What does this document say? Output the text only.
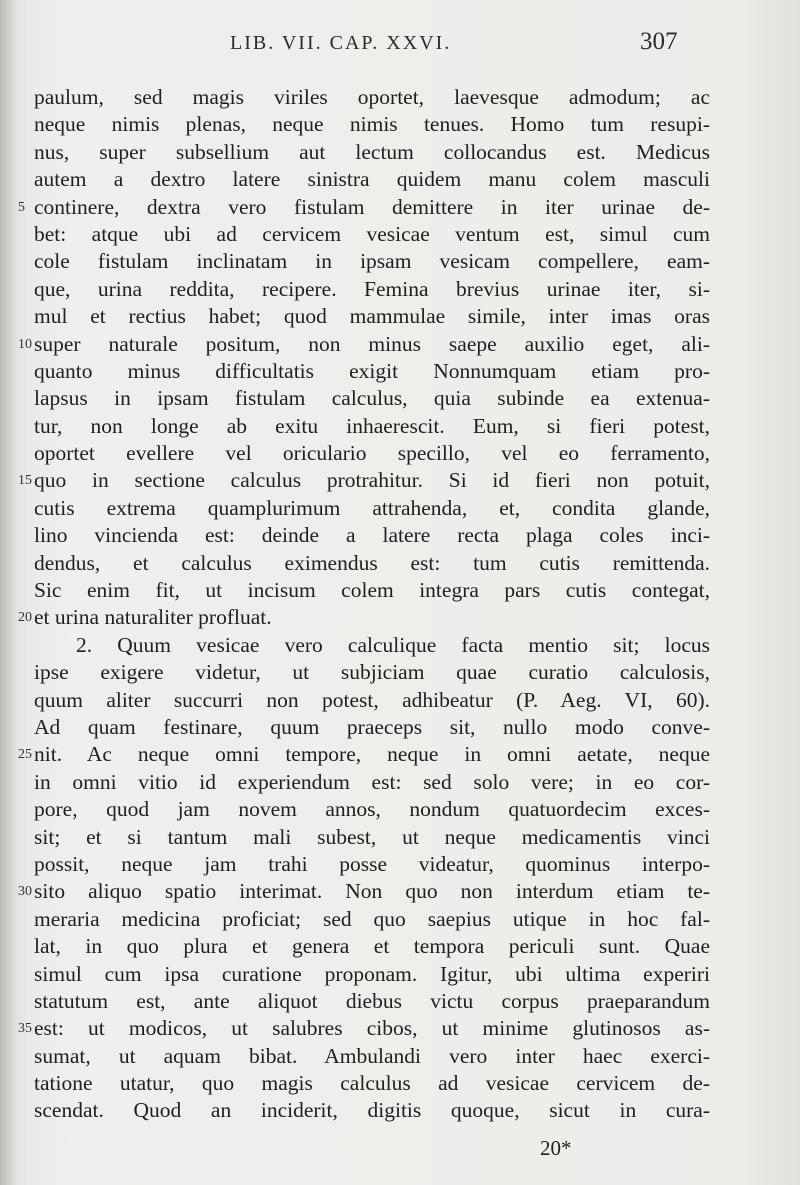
LIB. VII. CAP. XXVI.	307
paulum, sed magis viriles oportet, laevesque admodum; ac
neque nimis plenas, neque nimis tenues. Homo tum resupi-
nus, super subsellium aut lectum collocandus est. Medicus
autem a dextro latere sinistra quidem manu colem masculi
5 continere, dextra vero fistulam demittere in iter urinae de-
bet: atque ubi ad cervicem vesicae ventum est, simul cum
cole fistulam inclinatam in ipsam vesicam compellere, eam-
que, urina reddita, recipere. Femina brevius urinae iter, si-
mul et rectius habet; quod mammulae simile, inter imas oras
10 super naturale positum, non minus saepe auxilio eget, ali-
quanto minus difficultatis exigit Nonnumquam etiam pro-
lapsus in ipsam fistulam calculus, quia subinde ea extenua-
tur, non longe ab exitu inhaerescit. Eum, si fieri potest,
oportet evellere vel oriculario specillo, vel eo ferramento,
15 quo in sectione calculus protrahitur. Si id fieri non potuit,
cutis extrema quamplurimum attrahenda, et, condita glande,
lino vincienda est: deinde a latere recta plaga coles inci-
dendus, et calculus eximendus est: tum cutis remittenda.
Sic enim fit, ut incisum colem integra pars cutis contegat,
20 et urina naturaliter profluat.
2. Quum vesicae vero calculique facta mentio sit; locus
ipse exigere videtur, ut subjiciam quae curatio calculosis,
quum aliter succurri non potest, adhibeatur (P. Aeg. VI, 60).
Ad quam festinare, quum praeceps sit, nullo modo conve-
25 nit. Ac neque omni tempore, neque in omni aetate, neque
in omni vitio id experiendum est: sed solo vere; in eo cor-
pore, quod jam novem annos, nondum quatuordecim exces-
sit; et si tantum mali subest, ut neque medicamentis vinci
possit, neque jam trahi posse videatur, quominus interpo-
30 sito aliquo spatio interimat. Non quo non interdum etiam te-
meraria medicina proficiat; sed quo saepius utique in hoc fal-
lat, in quo plura et genera et tempora periculi sunt. Quae
simul cum ipsa curatione proponam. Igitur, ubi ultima experiri
statutum est, ante aliquot diebus victu corpus praeparandum
35 est: ut modicos, ut salubres cibos, ut minime glutinosos as-
sumat, ut aquam bibat. Ambulandi vero inter haec exerci-
tatione utatur, quo magis calculus ad vesicae cervicem de-
scendat. Quod an inciderit, digitis quoque, sicut in cura-
20*
